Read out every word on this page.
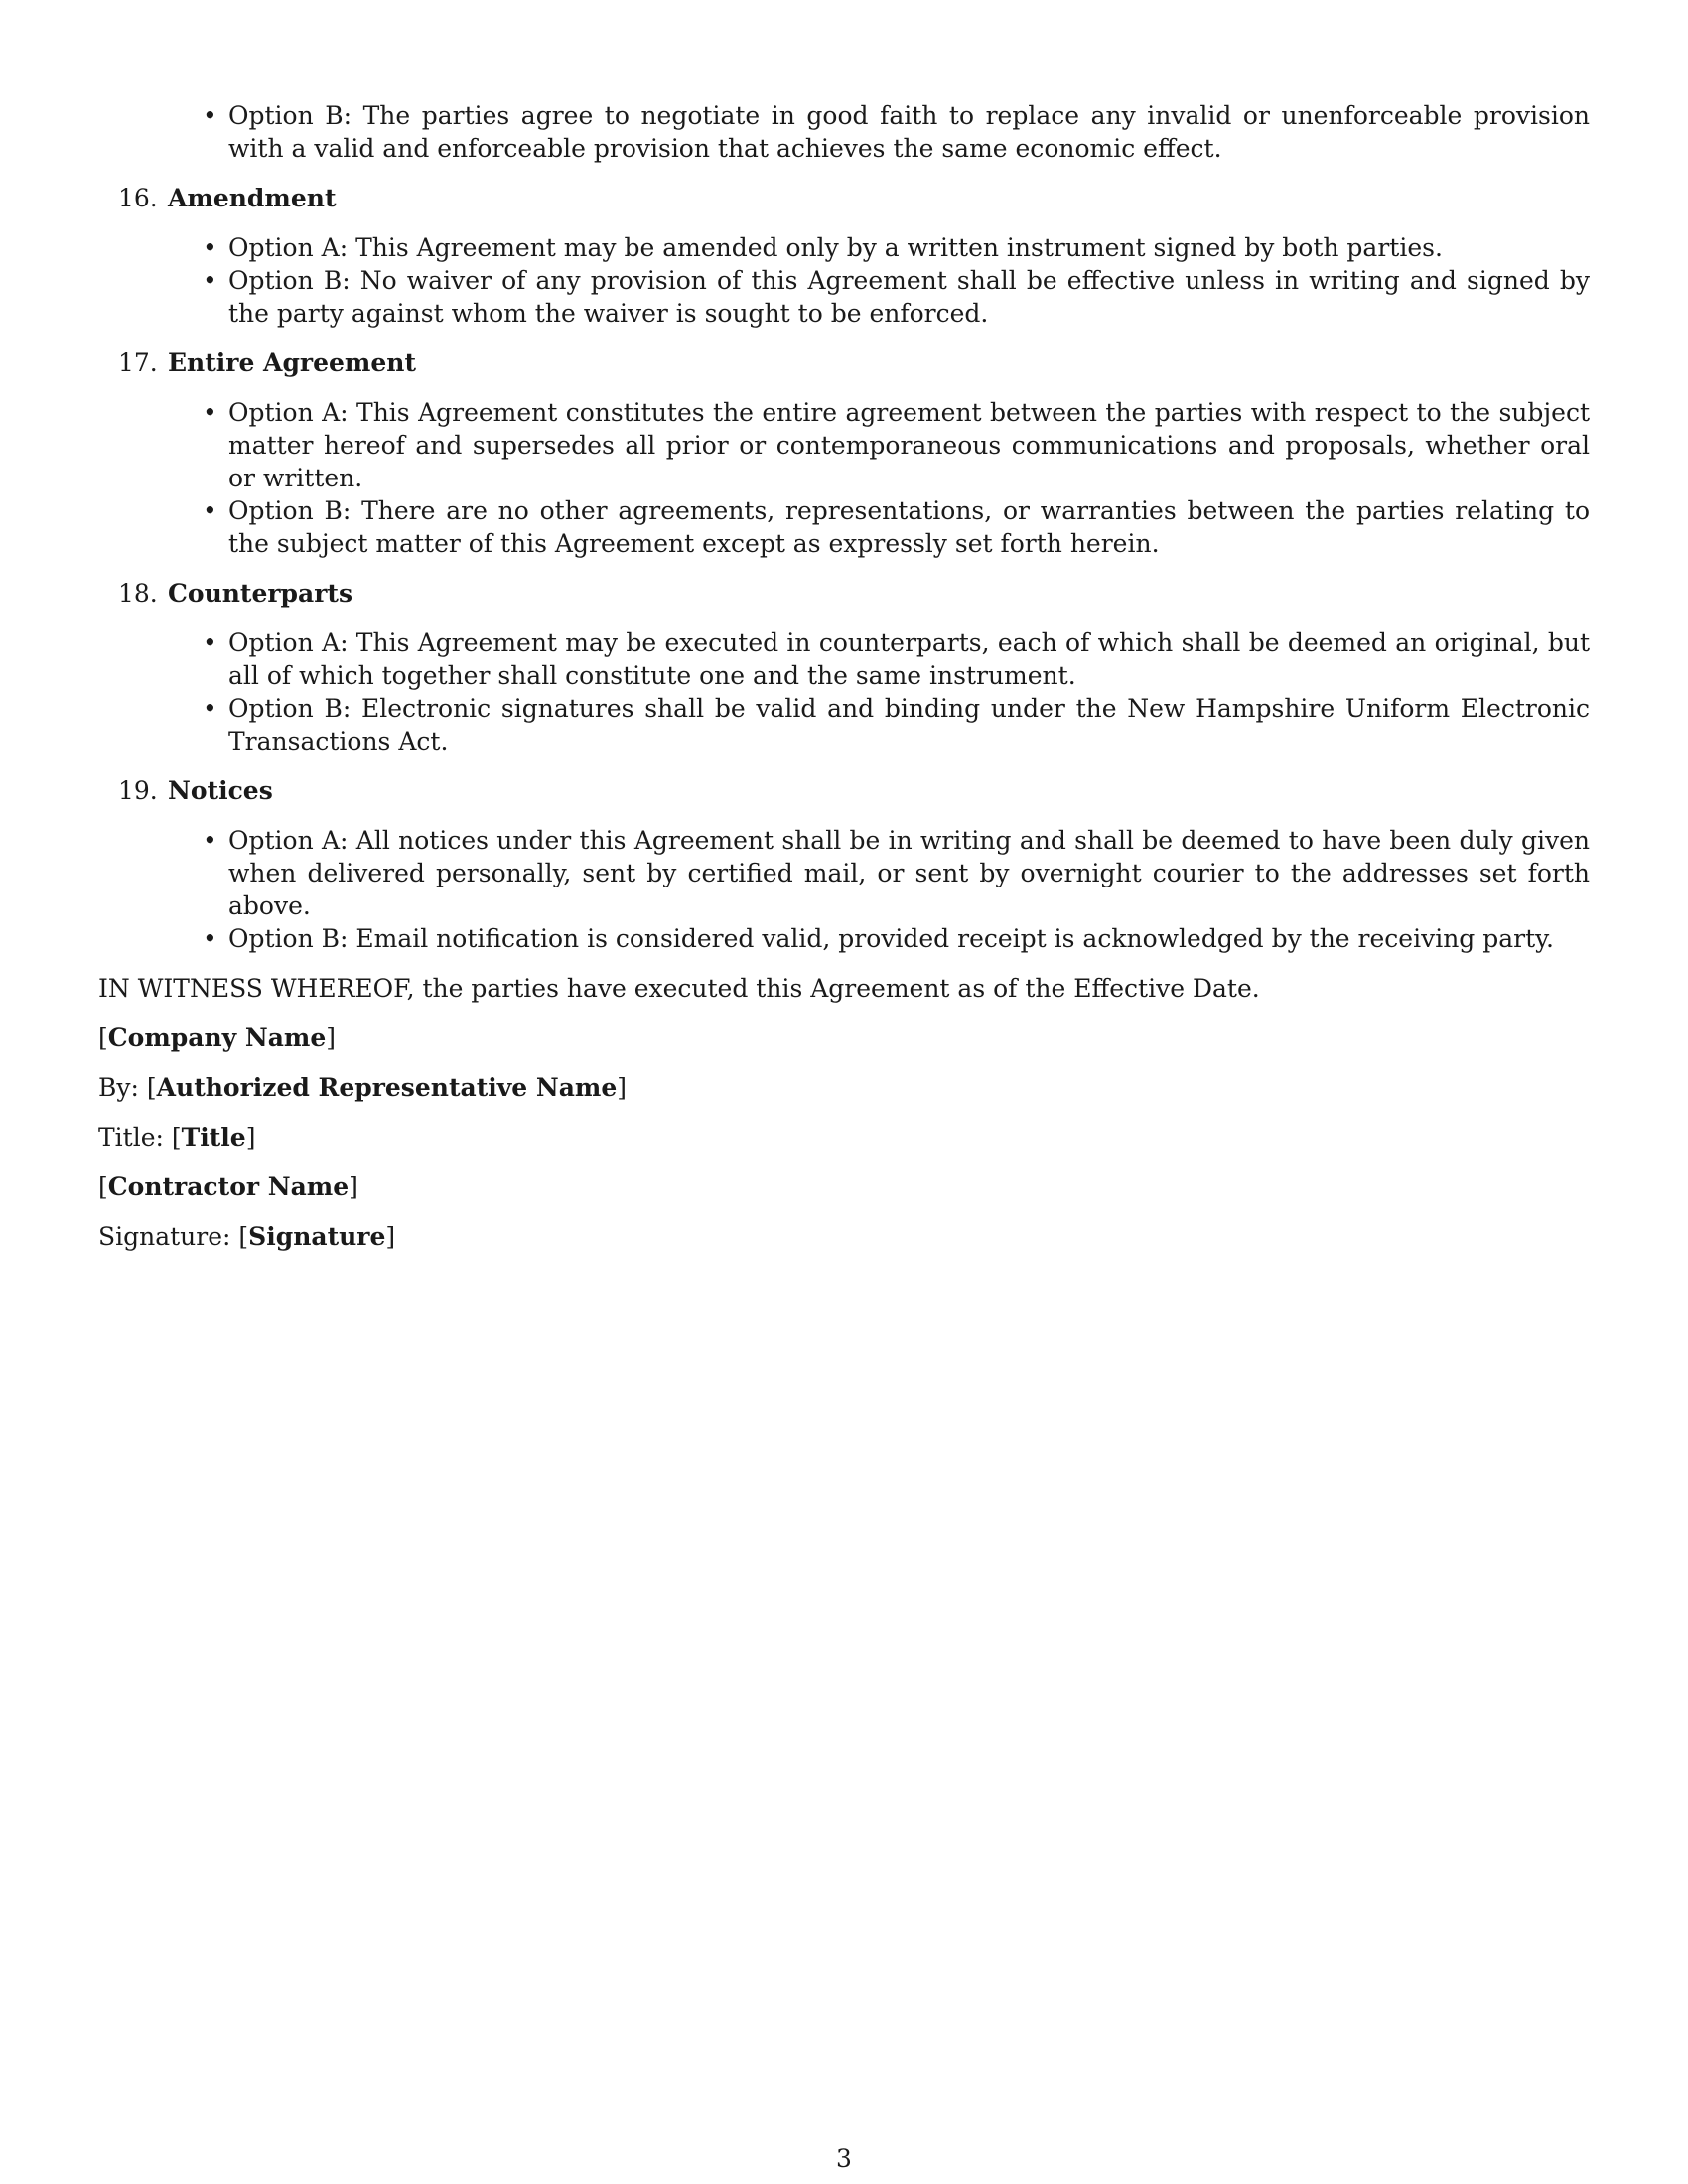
• Option B: The parties agree to negotiate in good faith to replace any invalid or unenforceable provision with a valid and enforceable provision that achieves the same economic effect.
16. Amendment
• Option A: This Agreement may be amended only by a written instrument signed by both parties.
• Option B: No waiver of any provision of this Agreement shall be effective unless in writing and signed by the party against whom the waiver is sought to be enforced.
17. Entire Agreement
• Option A: This Agreement constitutes the entire agreement between the parties with respect to the subject matter hereof and supersedes all prior or contemporaneous communications and proposals, whether oral or written.
• Option B: There are no other agreements, representations, or warranties between the parties relating to the subject matter of this Agreement except as expressly set forth herein.
18. Counterparts
• Option A: This Agreement may be executed in counterparts, each of which shall be deemed an original, but all of which together shall constitute one and the same instrument.
• Option B: Electronic signatures shall be valid and binding under the New Hampshire Uniform Electronic Transactions Act.
19. Notices
• Option A: All notices under this Agreement shall be in writing and shall be deemed to have been duly given when delivered personally, sent by certified mail, or sent by overnight courier to the addresses set forth above.
• Option B: Email notification is considered valid, provided receipt is acknowledged by the receiving party.

IN WITNESS WHEREOF, the parties have executed this Agreement as of the Effective Date.

[Company Name]

By: [Authorized Representative Name]

Title: [Title]

[Contractor Name]

Signature: [Signature]

3
